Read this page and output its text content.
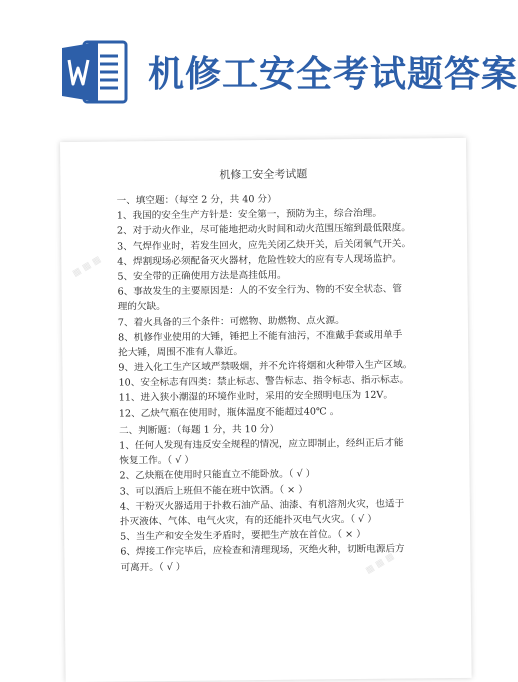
机修工安全考试题答案
▦ ▦ ▦
▦ ▦ ▦
机修工安全考试题
一、填空题：（每空 2 分，共 40 分）
1、我国的安全生产方针是：安全第一，预防为主，综合治理。
2、对于动火作业，尽可能地把动火时间和动火范围压缩到最低限度。
3、气焊作业时，若发生回火，应先关闭乙炔开关，后关闭氧气开关。
4、焊割现场必须配备灭火器材，危险性较大的应有专人现场监护。
5、安全带的正确使用方法是高挂低用。
6、事故发生的主要原因是：人的不安全行为、物的不安全状态、管
理的欠缺。
7、着火具备的三个条件：可燃物、助燃物、点火源。
8、机修作业使用的大锤，锤把上不能有油污，不准戴手套或用单手
抡大锤，周围不准有人靠近。
9、进入化工生产区域严禁吸烟，并不允许将烟和火种带入生产区域。
10、安全标志有四类：禁止标志、警告标志、指令标志、指示标志。
11、进入狭小潮湿的环境作业时，采用的安全照明电压为 12V。
12、乙炔气瓶在使用时，瓶体温度不能超过40℃ 。
二、判断题：（每题 1 分，共 10 分）
1、任何人发现有违反安全规程的情况，应立即制止，经纠正后才能
恢复工作。（ √ ）
2、乙炔瓶在使用时只能直立不能卧放。（ √ ）
3、可以酒后上班但不能在班中饮酒。（ × ）
4、干粉灭火器适用于扑救石油产品、油漆、有机溶剂火灾，也适于
扑灭液体、气体、电气火灾，有的还能扑灭电气火灾。（ √ ）
5、当生产和安全发生矛盾时，要把生产放在首位。（ × ）
6、焊接工作完毕后，应检查和清理现场，灭绝火种，切断电源后方
可离开。（ √ ）
